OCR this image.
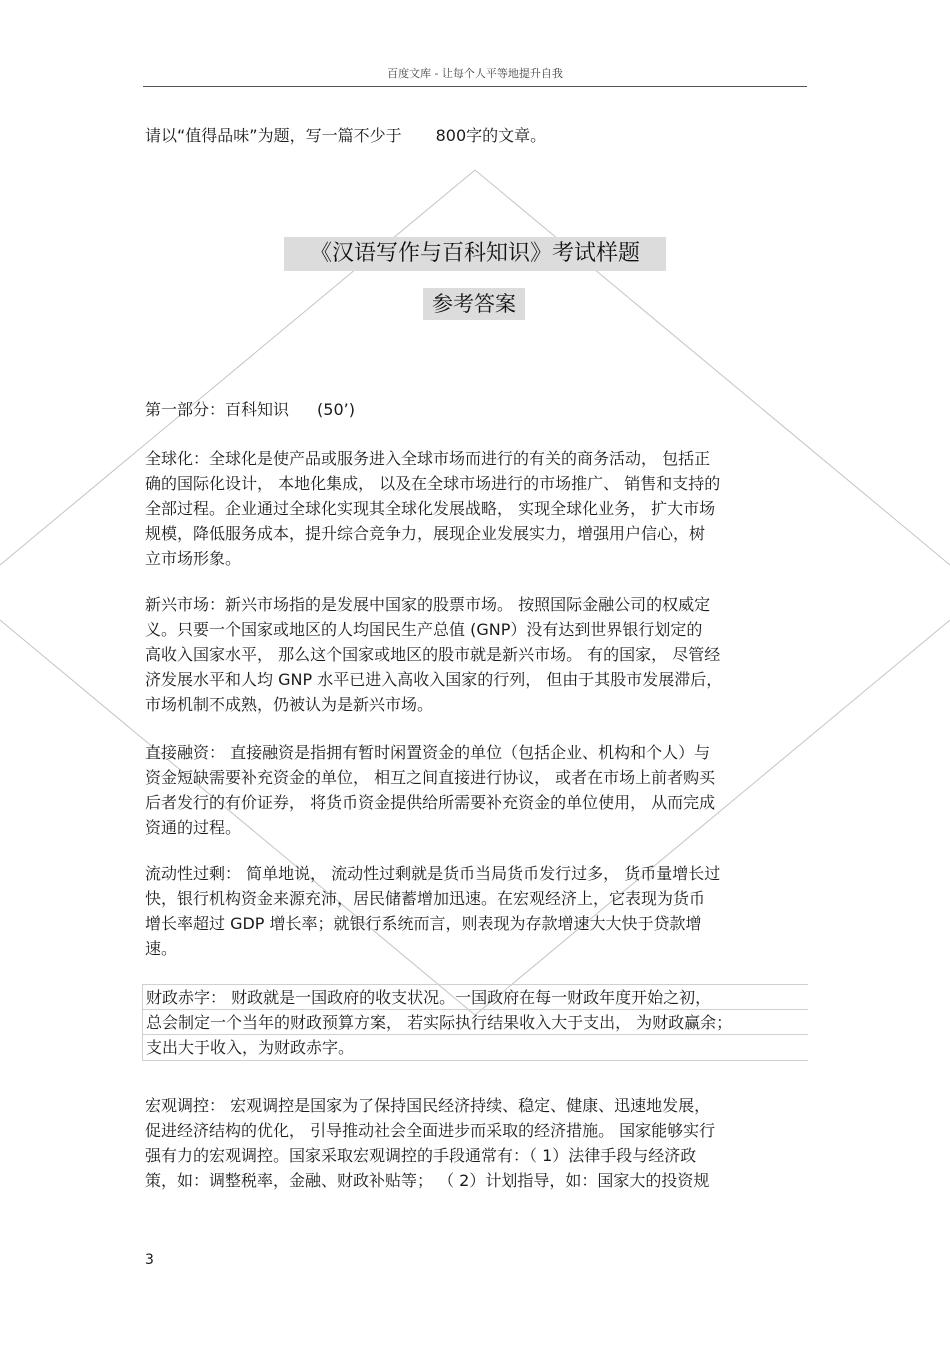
百度文库 - 让每个人平等地提升自我
请以“值得品味”为题，写一篇不少于 800字的文章。
《汉语写作与百科知识》考试样题
参考答案
第一部分：百科知识 (50’)
全球化：全球化是使产品或服务进入全球市场而进行的有关的商务活动， 包括正
确的国际化设计， 本地化集成， 以及在全球市场进行的市场推广、 销售和支持的
全部过程。企业通过全球化实现其全球化发展战略， 实现全球化业务， 扩大市场
规模，降低服务成本，提升综合竞争力，展现企业发展实力，增强用户信心，树
立市场形象。
新兴市场：新兴市场指的是发展中国家的股票市场。 按照国际金融公司的权威定
义。只要一个国家或地区的人均国民生产总值 (GNP）没有达到世界银行划定的
高收入国家水平， 那么这个国家或地区的股市就是新兴市场。 有的国家， 尽管经
济发展水平和人均 GNP 水平已进入高收入国家的行列， 但由于其股市发展滞后，
市场机制不成熟，仍被认为是新兴市场。
直接融资： 直接融资是指拥有暂时闲置资金的单位（包括企业、机构和个人）与
资金短缺需要补充资金的单位， 相互之间直接进行协议， 或者在市场上前者购买
后者发行的有价证券， 将货币资金提供给所需要补充资金的单位使用， 从而完成
资通的过程。
流动性过剩： 简单地说， 流动性过剩就是货币当局货币发行过多， 货币量增长过
快，银行机构资金来源充沛，居民储蓄增加迅速。在宏观经济上，它表现为货币
增长率超过 GDP 增长率；就银行系统而言，则表现为存款增速大大快于贷款增
速。
财政赤字： 财政就是一国政府的收支状况。一国政府在每一财政年度开始之初，
总会制定一个当年的财政预算方案， 若实际执行结果收入大于支出， 为财政赢余；
支出大于收入，为财政赤字。
宏观调控： 宏观调控是国家为了保持国民经济持续、稳定、健康、迅速地发展，
促进经济结构的优化， 引导推动社会全面进步而采取的经济措施。 国家能够实行
强有力的宏观调控。国家采取宏观调控的手段通常有：（ 1）法律手段与经济政
策，如：调整税率，金融、财政补贴等； （ 2）计划指导，如：国家大的投资规
3
